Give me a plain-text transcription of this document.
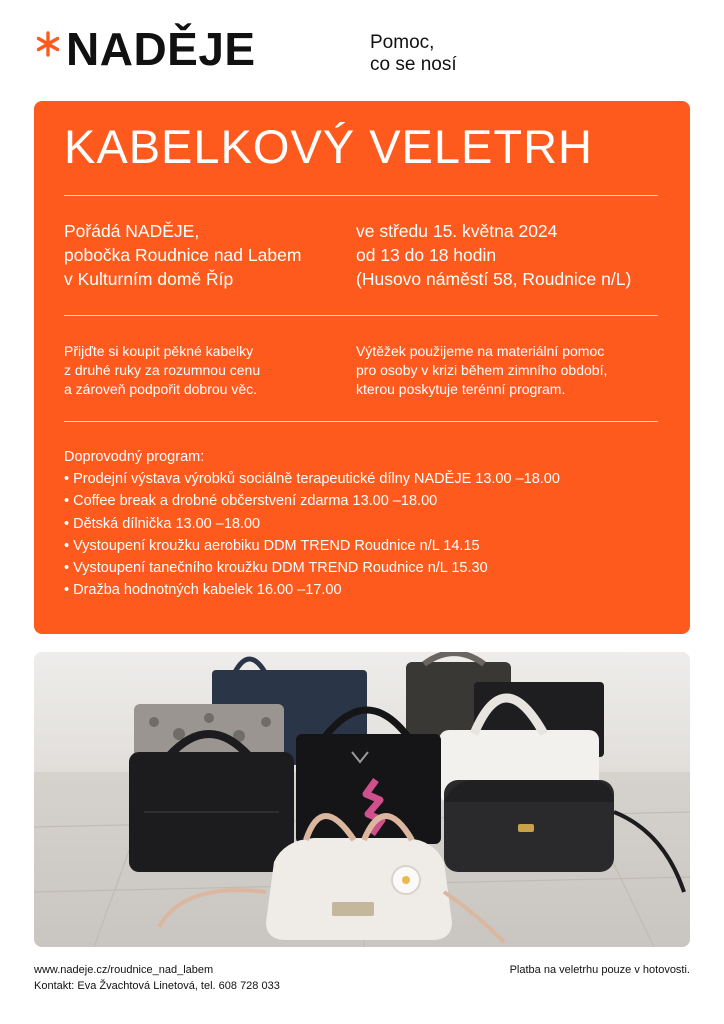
NADĚJE	Pomoc,
co se nosí
KABELKOVÝ VELETRH
Pořádá NADĚJE,
pobočka Roudnice nad Labem
v Kulturním domě Říp
ve středu 15. května 2024
od 13 do 18 hodin
(Husovo náměstí 58, Roudnice n/L)
Přijďte si koupit pěkné kabelky
z druhé ruky za rozumnou cenu
a zároveň podpořit dobrou věc.
Výtěžek použijeme na materiální pomoc
pro osoby v krizi během zimního období,
kterou poskytuje terénní program.
Doprovodný program:
• Prodejní výstava výrobků sociálně terapeutické dílny NADĚJE 13.00 –18.00
• Coffee break a drobné občerstvení zdarma 13.00 –18.00
• Dětská dílnička 13.00 –18.00
• Vystoupení kroužku aerobiku DDM TREND Roudnice n/L 14.15
• Vystoupení tanečního kroužku DDM TREND Roudnice n/L 15.30
• Dražba hodnotných kabelek 16.00 –17.00
www.nadeje.cz/roudnice_nad_labem
Kontakt: Eva Žvachtová Linetová, tel. 608 728 033
Platba na veletrhu pouze v hotovosti.
